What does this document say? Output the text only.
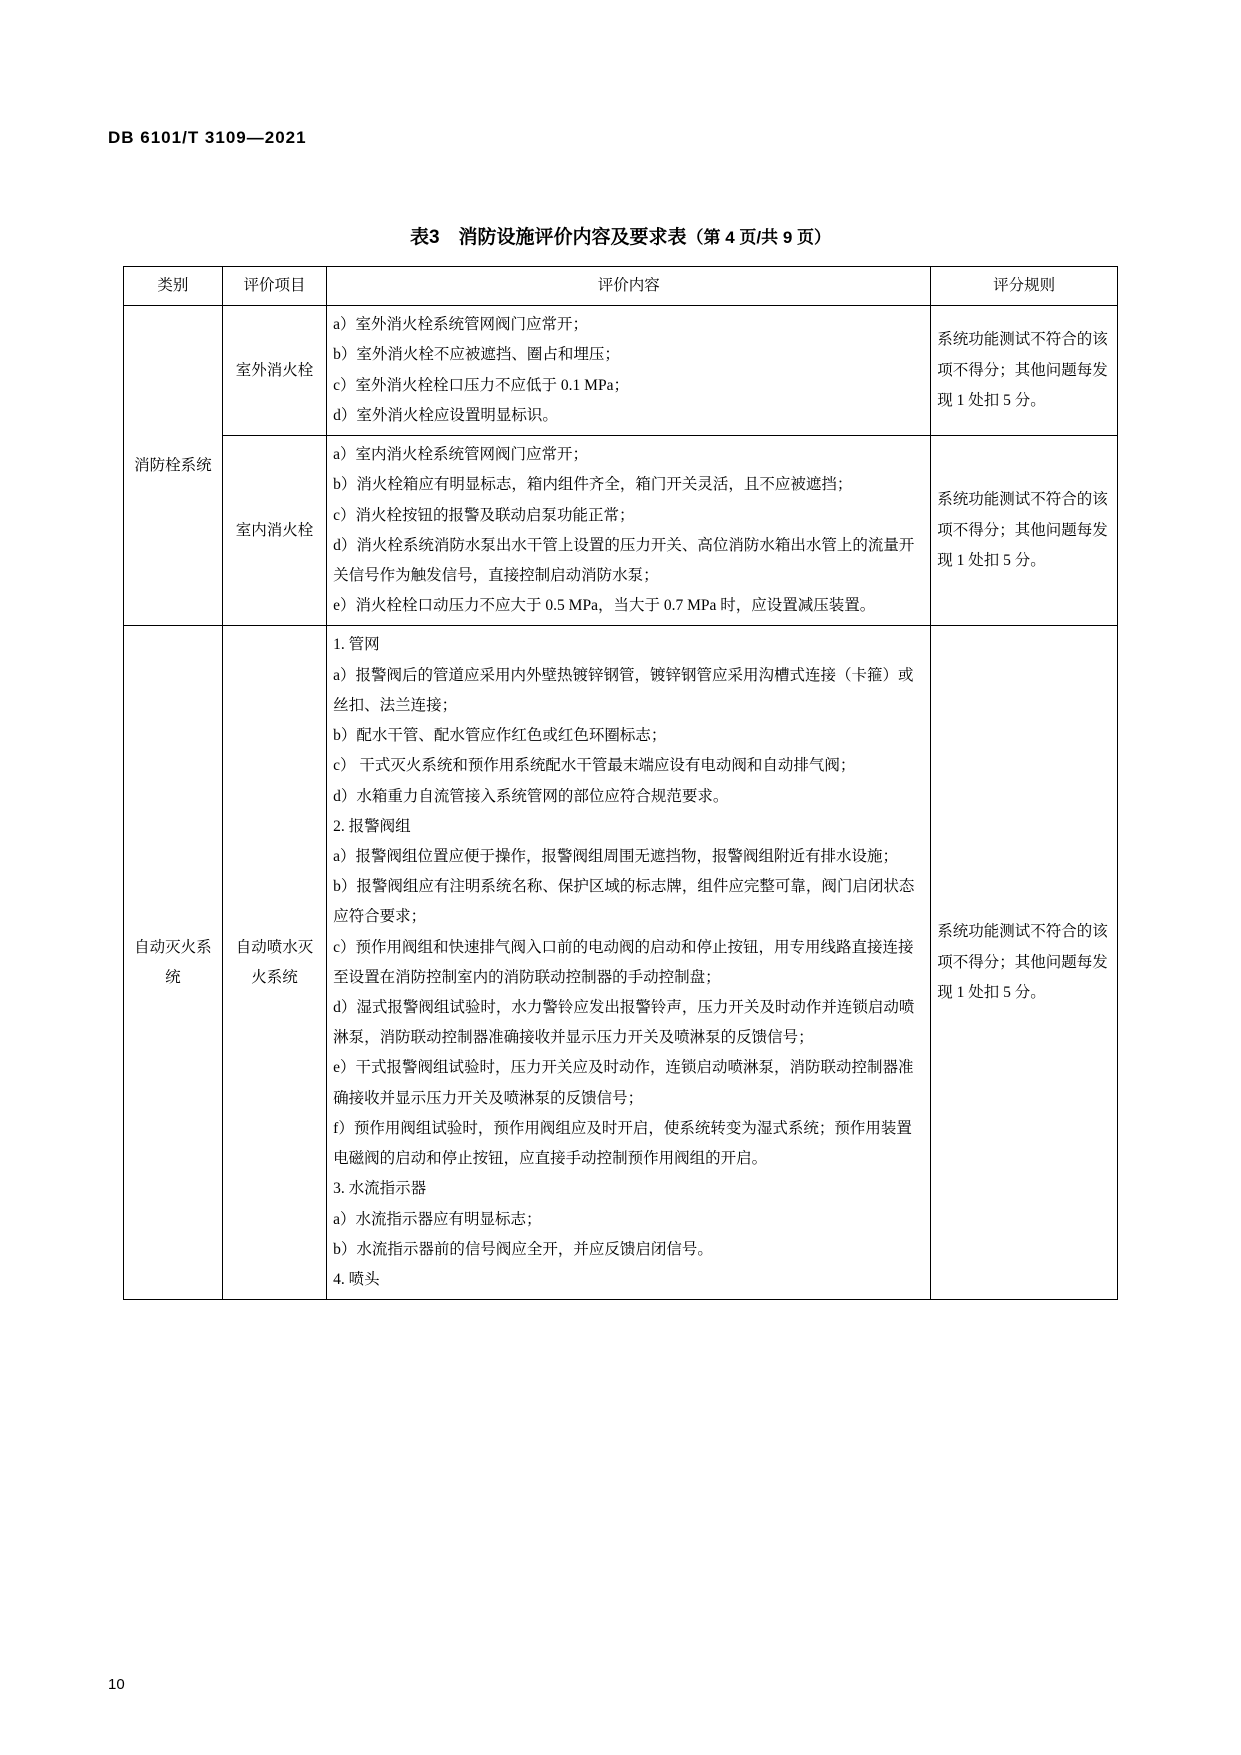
DB 6101/T 3109—2021
表3　消防设施评价内容及要求表（第 4 页/共 9 页）
类别	评价项目	评价内容	评分规则
消防栓系统	室外消火栓	a）室外消火栓系统管网阀门应常开；
b）室外消火栓不应被遮挡、圈占和埋压；
c）室外消火栓栓口压力不应低于 0.1 MPa；
d）室外消火栓应设置明显标识。	系统功能测试不符合的该项不得分；其他问题每发现 1 处扣 5 分。
	室内消火栓	a）室内消火栓系统管网阀门应常开；
b）消火栓箱应有明显标志，箱内组件齐全，箱门开关灵活，且不应被遮挡；
c）消火栓按钮的报警及联动启泵功能正常；
d）消火栓系统消防水泵出水干管上设置的压力开关、高位消防水箱出水管上的流量开关信号作为触发信号，直接控制启动消防水泵；
e）消火栓栓口动压力不应大于 0.5 MPa，当大于 0.7 MPa 时，应设置减压装置。	系统功能测试不符合的该项不得分；其他问题每发现 1 处扣 5 分。
自动灭火系统	自动喷水灭火系统	
1. 管网
a）报警阀后的管道应采用内外壁热镀锌钢管，镀锌钢管应采用沟槽式连接（卡箍）或丝扣、法兰连接；
b）配水干管、配水管应作红色或红色环圈标志；
c） 干式灭火系统和预作用系统配水干管最末端应设有电动阀和自动排气阀；
d）水箱重力自流管接入系统管网的部位应符合规范要求。
2. 报警阀组
a）报警阀组位置应便于操作，报警阀组周围无遮挡物，报警阀组附近有排水设施；
b）报警阀组应有注明系统名称、保护区域的标志牌，组件应完整可靠，阀门启闭状态应符合要求；
c）预作用阀组和快速排气阀入口前的电动阀的启动和停止按钮，用专用线路直接连接至设置在消防控制室内的消防联动控制器的手动控制盘；
d）湿式报警阀组试验时，水力警铃应发出报警铃声，压力开关及时动作并连锁启动喷淋泵，消防联动控制器准确接收并显示压力开关及喷淋泵的反馈信号；
e）干式报警阀组试验时，压力开关应及时动作，连锁启动喷淋泵，消防联动控制器准确接收并显示压力开关及喷淋泵的反馈信号；
f）预作用阀组试验时，预作用阀组应及时开启，使系统转变为湿式系统；预作用装置电磁阀的启动和停止按钮，应直接手动控制预作用阀组的开启。
3. 水流指示器
a）水流指示器应有明显标志；
b）水流指示器前的信号阀应全开，并应反馈启闭信号。
4. 喷头
	系统功能测试不符合的该项不得分；其他问题每发现 1 处扣 5 分。
10
